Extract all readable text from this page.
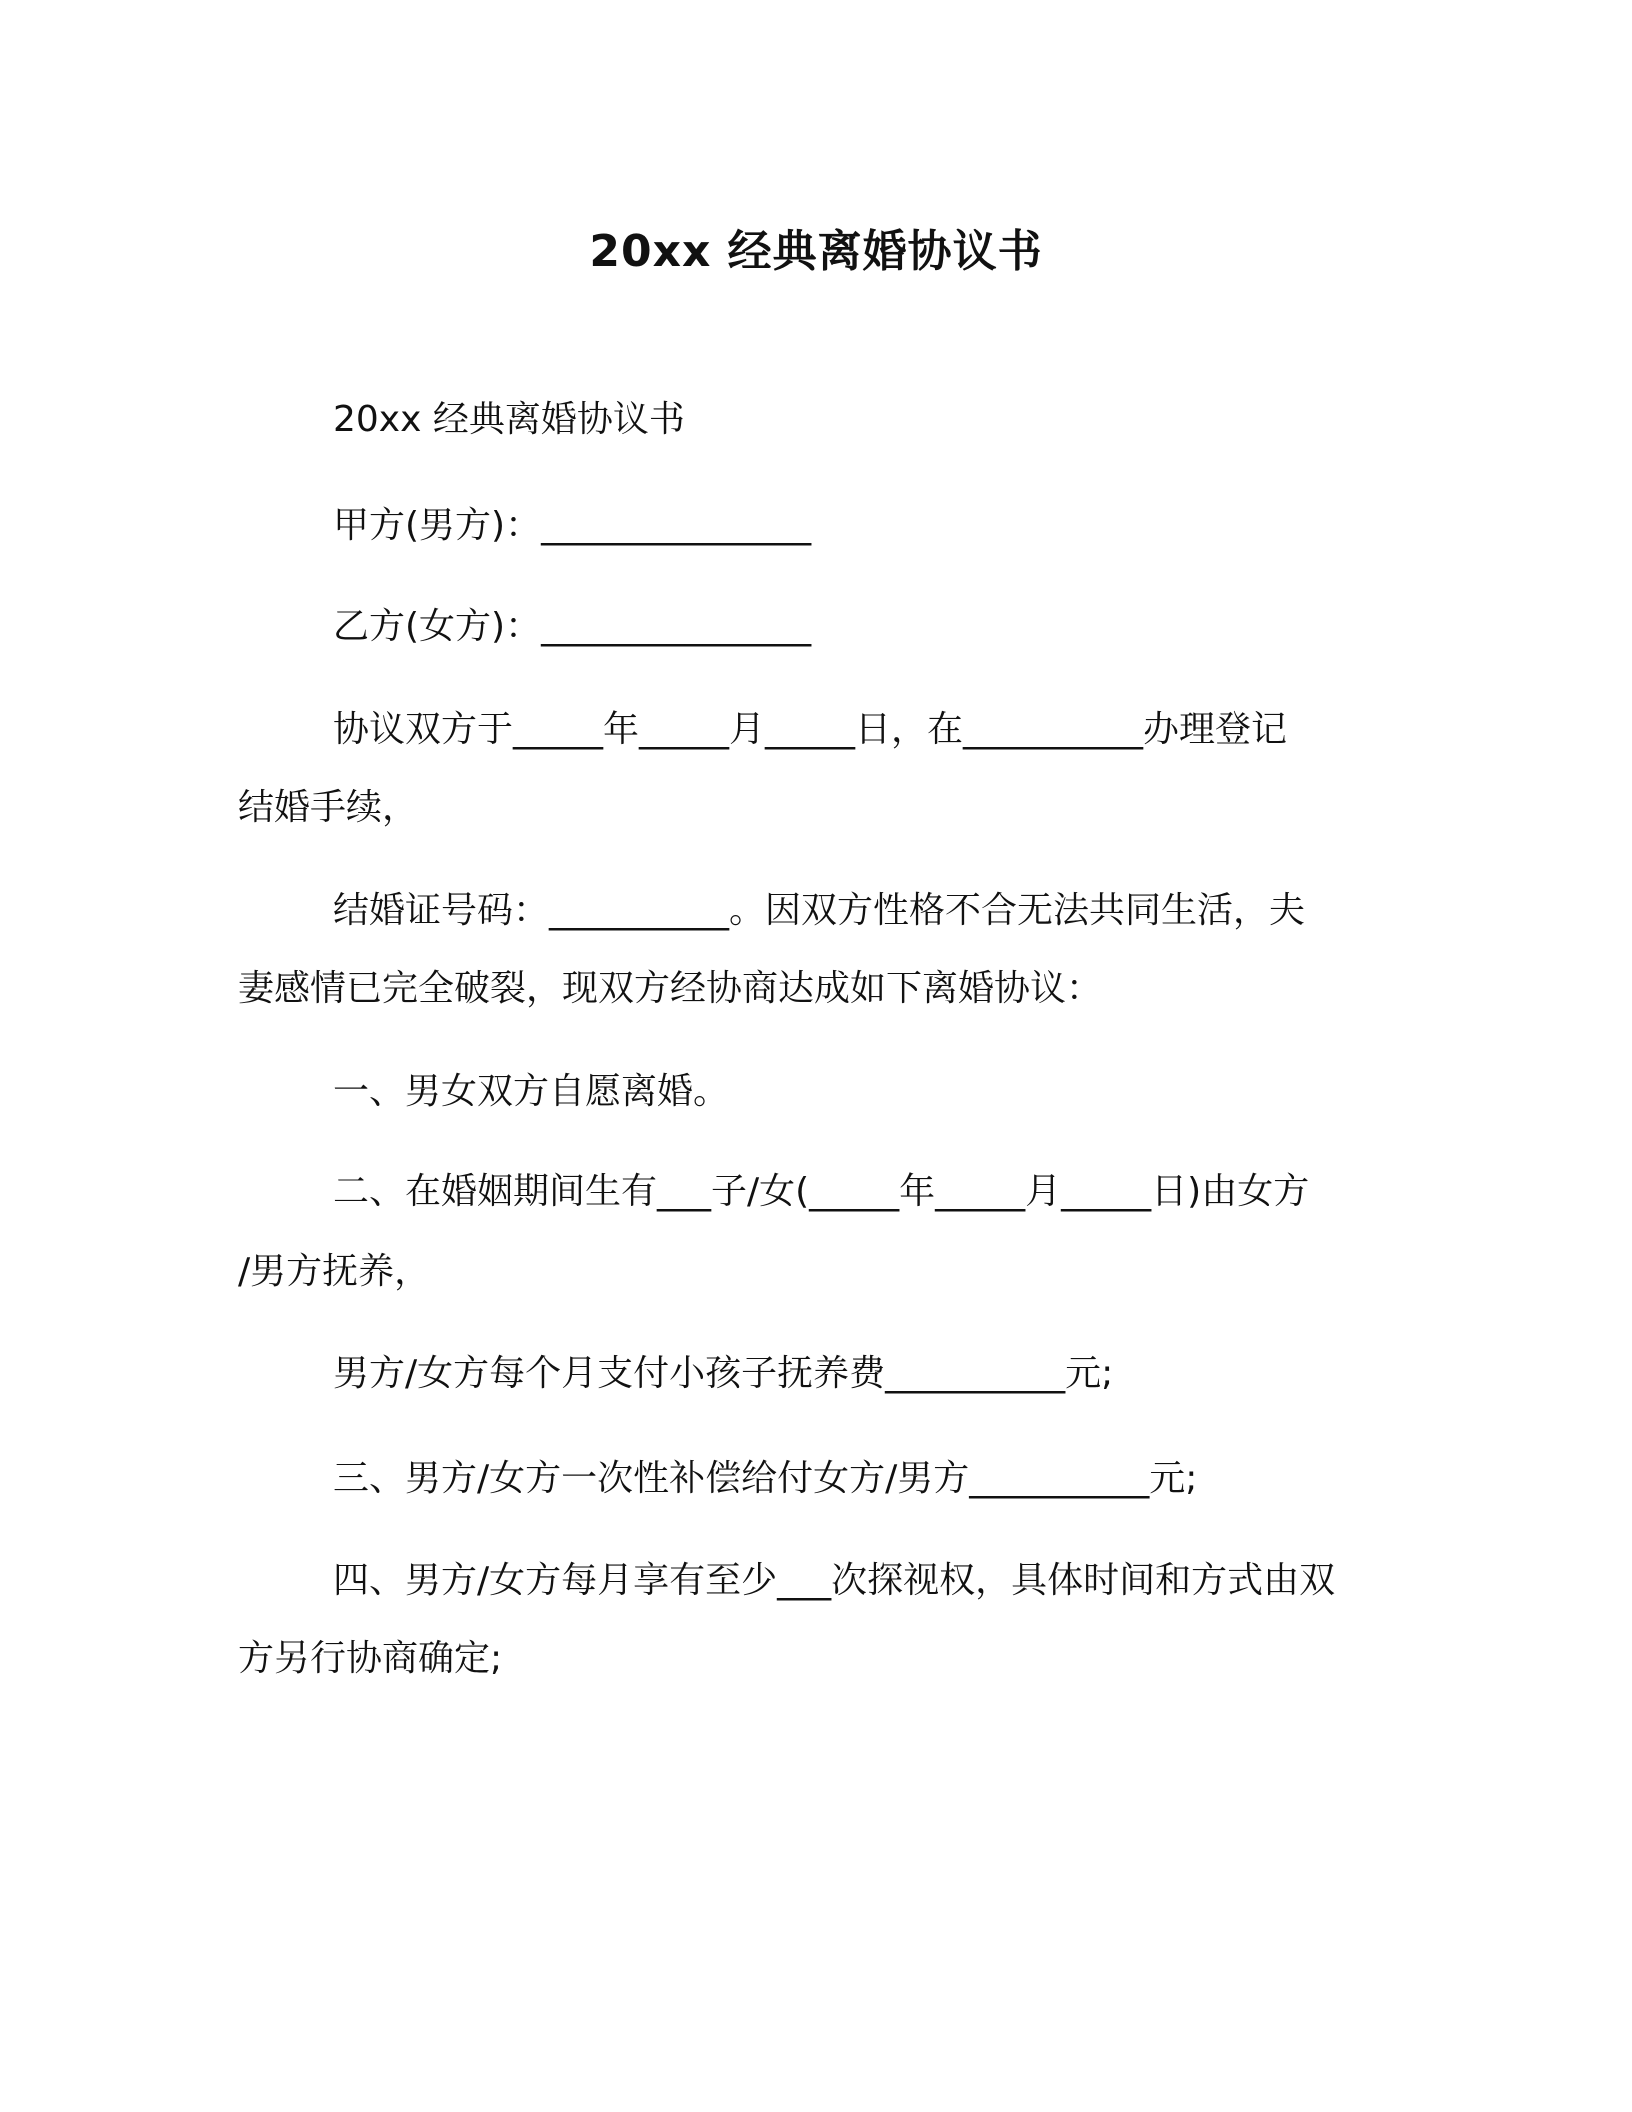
20xx 经典离婚协议书

20xx 经典离婚协议书

甲方(男方)：_______________

乙方(女方)：_______________

协议双方于_____年_____月_____日，在__________办理登记

结婚手续，

结婚证号码：__________。因双方性格不合无法共同生活，夫

妻感情已完全破裂，现双方经协商达成如下离婚协议：

一、男女双方自愿离婚。

二、在婚姻期间生有___子/女(_____年_____月_____日)由女方

/男方抚养，

男方/女方每个月支付小孩子抚养费__________元;

三、男方/女方一次性补偿给付女方/男方__________元;

四、男方/女方每月享有至少___次探视权，具体时间和方式由双

方另行协商确定;
